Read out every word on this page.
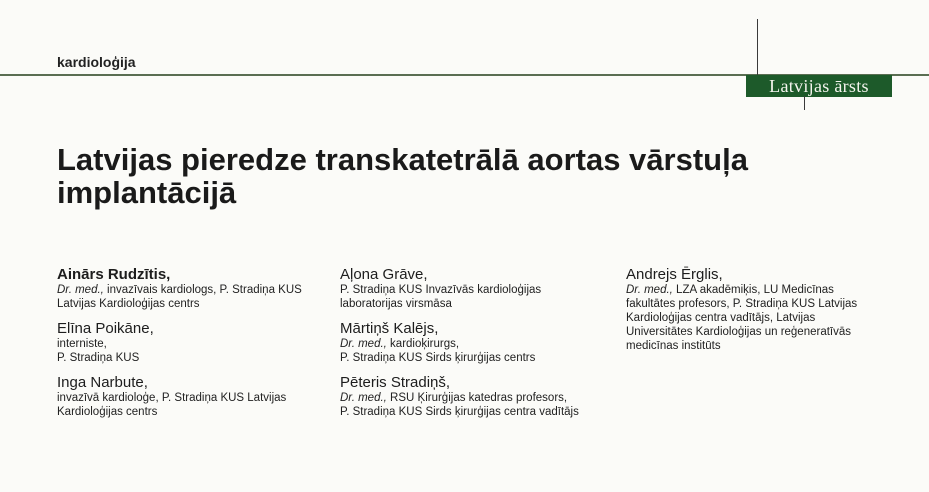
kardioloģija
Latvijas ārsts
Latvijas pieredze transkatetrālā aortas vārstuļa
implantācijā
Ainārs Rudzītis,
Dr. med., invazīvais kardiologs, P. Stradiņa KUS
Latvijas Kardioloģijas centrs
Elīna Poikāne,
interniste,
P. Stradiņa KUS
Inga Narbute,
invazīvā kardioloģe, P. Stradiņa KUS Latvijas
Kardioloģijas centrs
Aļona Grāve,
P. Stradiņa KUS Invazīvās kardioloģijas
laboratorijas virsmāsa
Mārtiņš Kalējs,
Dr. med., kardioķirurgs,
P. Stradiņa KUS Sirds ķirurģijas centrs
Pēteris Stradiņš,
Dr. med., RSU Ķirurģijas katedras profesors,
P. Stradiņa KUS Sirds ķirurģijas centra vadītājs
Andrejs Ērglis,
Dr. med., LZA akadēmiķis, LU Medicīnas
fakultātes profesors, P. Stradiņa KUS Latvijas
Kardioloģijas centra vadītājs, Latvijas
Universitātes Kardioloģijas un reģeneratīvās
medicīnas institūts
